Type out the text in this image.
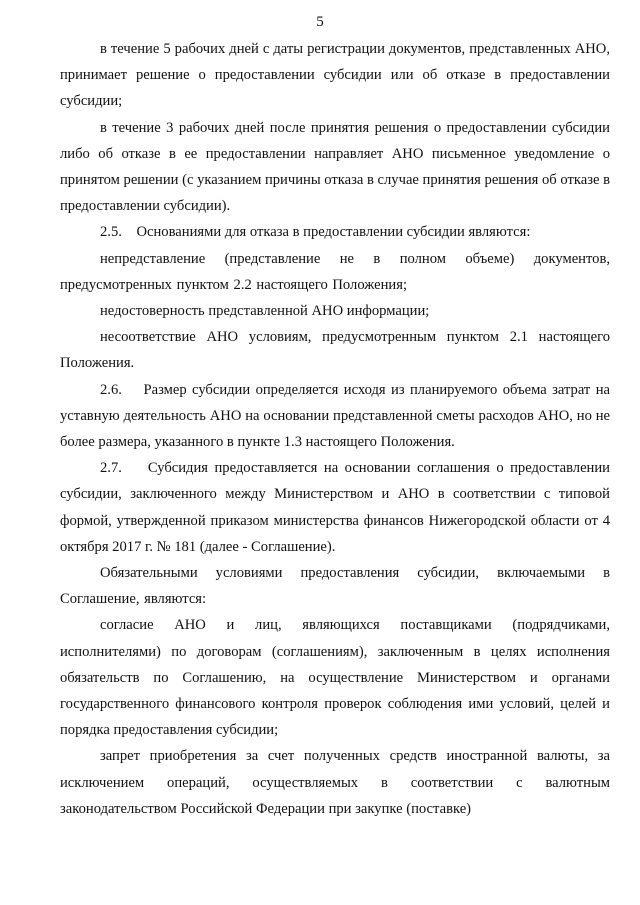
5

в течение 5 рабочих дней с даты регистрации документов, представленных АНО, принимает решение о предоставлении субсидии или об отказе в предоставлении субсидии;

в течение 3 рабочих дней после принятия решения о предоставлении субсидии либо об отказе в ее предоставлении направляет АНО письменное уведомление о принятом решении (с указанием причины отказа в случае принятия решения об отказе в предоставлении субсидии).

2.5.    Основаниями для отказа в предоставлении субсидии являются:

непредставление (представление не в полном объеме) документов, предусмотренных пунктом 2.2 настоящего Положения;

недостоверность представленной АНО информации;

несоответствие АНО условиям, предусмотренным пунктом 2.1 настоящего Положения.

2.6.    Размер субсидии определяется исходя из планируемого объема затрат на уставную деятельность АНО на основании представленной сметы расходов АНО, но не более размера, указанного в пункте 1.3 настоящего Положения.

2.7.    Субсидия предоставляется на основании соглашения о предоставлении субсидии, заключенного между Министерством и АНО в соответствии с типовой формой, утвержденной приказом министерства финансов Нижегородской области от 4 октября 2017 г. № 181 (далее - Соглашение).

Обязательными условиями предоставления субсидии, включаемыми в Соглашение, являются:

согласие АНО и лиц, являющихся поставщиками (подрядчиками, исполнителями) по договорам (соглашениям), заключенным в целях исполнения обязательств по Соглашению, на осуществление Министерством и органами государственного финансового контроля проверок соблюдения ими условий, целей и порядка предоставления субсидии;

запрет приобретения за счет полученных средств иностранной валюты, за исключением операций, осуществляемых в соответствии с валютным законодательством Российской Федерации при закупке (поставке)
